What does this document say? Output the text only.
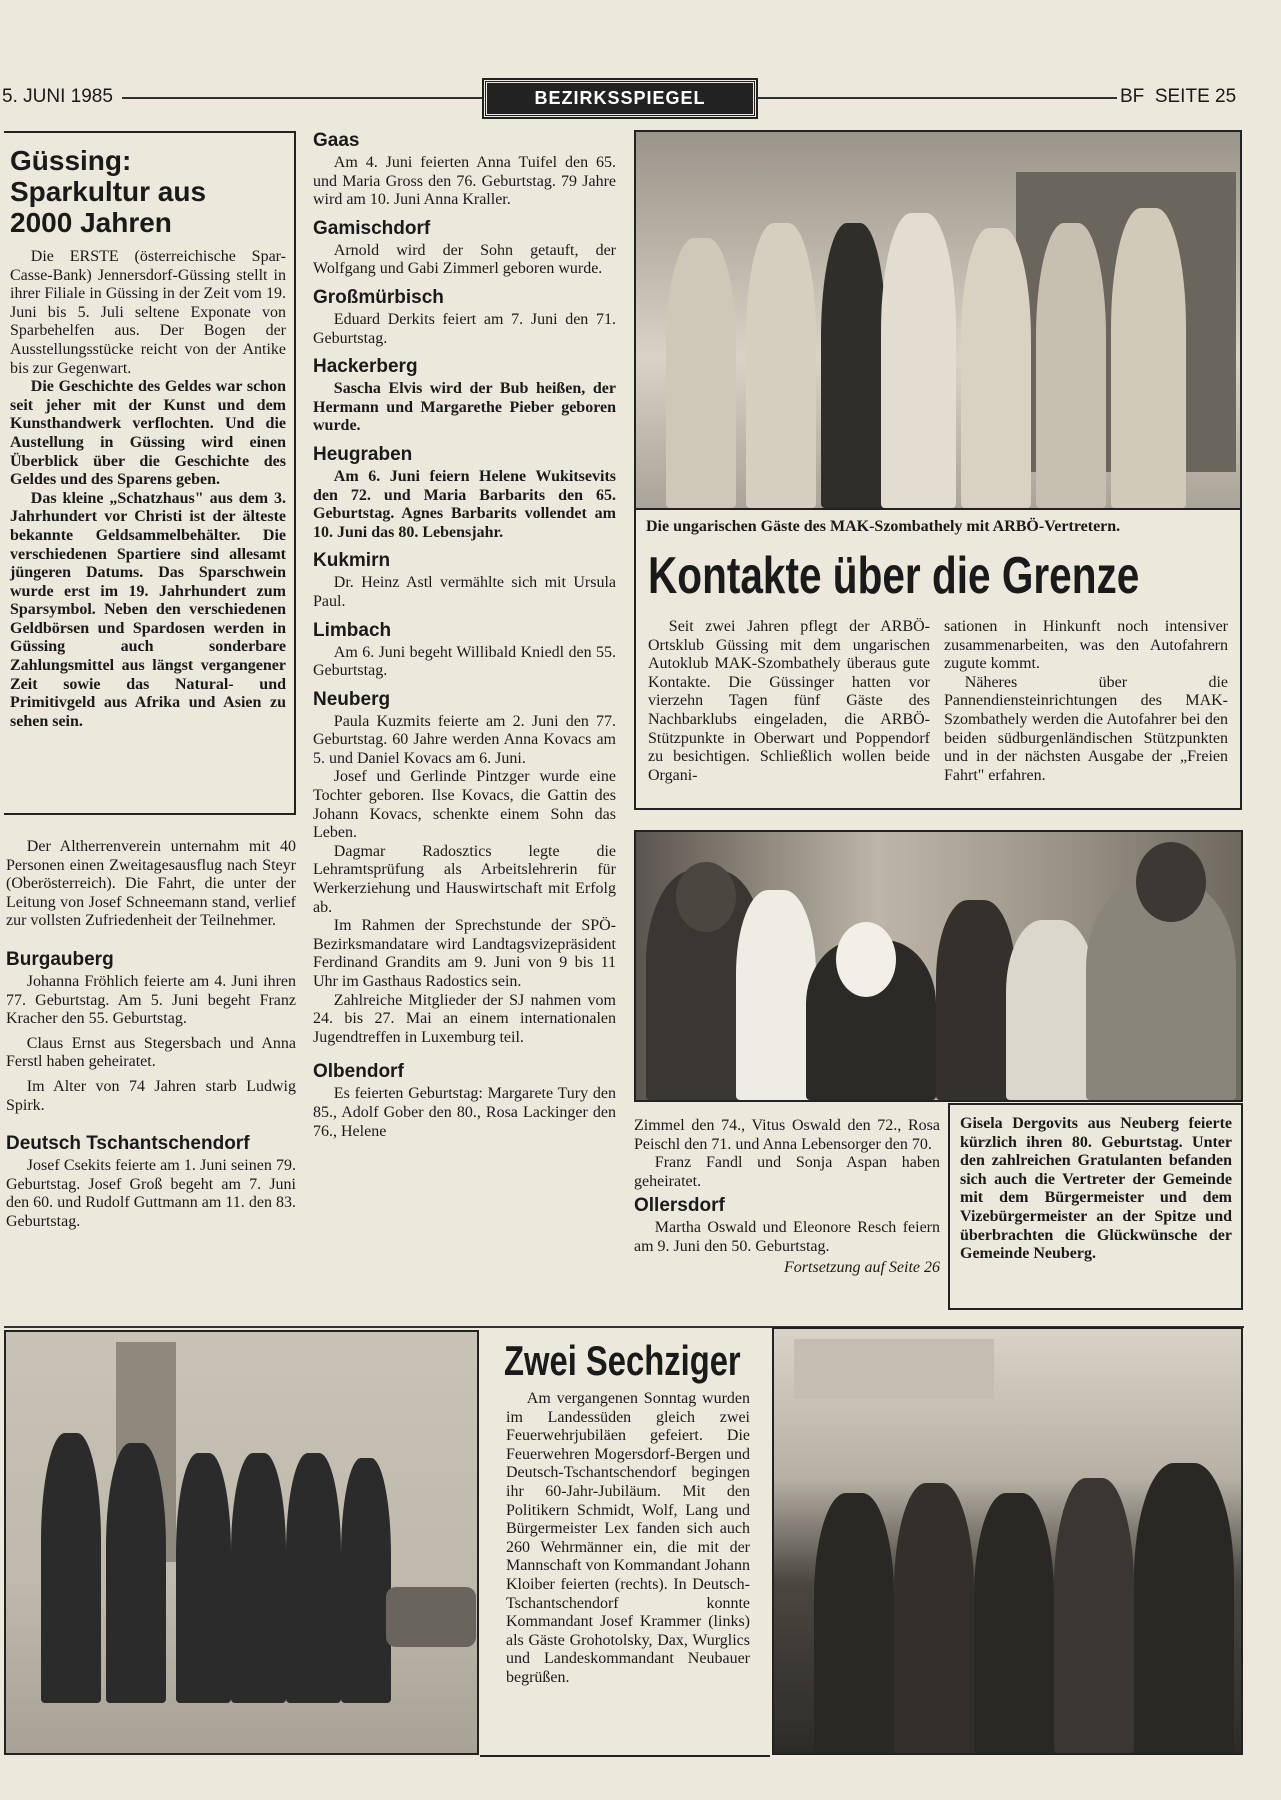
5. JUNI 1985	BEZIRKSSPIEGEL	BF  SEITE 25
Güssing:
Sparkultur aus
2000 Jahren

Die ERSTE (österreichische Spar-Casse-Bank) Jennersdorf-Güssing stellt in ihrer Filiale in Güssing in der Zeit vom 19. Juni bis 5. Juli seltene Exponate von Sparbehelfen aus. Der Bogen der Ausstellungsstücke reicht von der Antike bis zur Gegenwart.

Die Geschichte des Geldes war schon seit jeher mit der Kunst und dem Kunsthandwerk verflochten. Und die Austellung in Güssing wird einen Überblick über die Geschichte des Geldes und des Sparens geben.

Das kleine „Schatzhaus" aus dem 3. Jahrhundert vor Christi ist der älteste bekannte Geldsammelbehälter. Die verschiedenen Spartiere sind allesamt jüngeren Datums. Das Sparschwein wurde erst im 19. Jahrhundert zum Sparsymbol. Neben den verschiedenen Geldbörsen und Spardosen werden in Güssing auch sonderbare Zahlungsmittel aus längst vergangener Zeit sowie das Natural- und Primitivgeld aus Afrika und Asien zu sehen sein.

Der Altherrenverein unternahm mit 40 Personen einen Zweitagesausflug nach Steyr (Oberösterreich). Die Fahrt, die unter der Leitung von Josef Schneemann stand, verlief zur vollsten Zufriedenheit der Teilnehmer.

Burgauberg

Johanna Fröhlich feierte am 4. Juni ihren 77. Geburtstag. Am 5. Juni begeht Franz Kracher den 55. Geburtstag.

Claus Ernst aus Stegersbach und Anna Ferstl haben geheiratet.

Im Alter von 74 Jahren starb Ludwig Spirk.

Deutsch Tschantschendorf

Josef Csekits feierte am 1. Juni seinen 79. Geburtstag. Josef Groß begeht am 7. Juni den 60. und Rudolf Guttmann am 11. den 83. Geburtstag.

Gaas

Am 4. Juni feierten Anna Tuifel den 65. und Maria Gross den 76. Geburtstag. 79 Jahre wird am 10. Juni Anna Kraller.

Gamischdorf

Arnold wird der Sohn getauft, der Wolfgang und Gabi Zimmerl geboren wurde.

Großmürbisch

Eduard Derkits feiert am 7. Juni den 71. Geburtstag.

Hackerberg

Sascha Elvis wird der Bub heißen, der Hermann und Margarethe Pieber geboren wurde.

Heugraben

Am 6. Juni feiern Helene Wukitsevits den 72. und Maria Barbarits den 65. Geburtstag. Agnes Barbarits vollendet am 10. Juni das 80. Lebensjahr.

Kukmirn

Dr. Heinz Astl vermählte sich mit Ursula Paul.

Limbach

Am 6. Juni begeht Willibald Kniedl den 55. Geburtstag.

Neuberg

Paula Kuzmits feierte am 2. Juni den 77. Geburtstag. 60 Jahre werden Anna Kovacs am 5. und Daniel Kovacs am 6. Juni.

Josef und Gerlinde Pintzger wurde eine Tochter geboren. Ilse Kovacs, die Gattin des Johann Kovacs, schenkte einem Sohn das Leben.

Dagmar Radosztics legte die Lehramtsprüfung als Arbeitslehrerin für Werkerziehung und Hauswirtschaft mit Erfolg ab.

Im Rahmen der Sprechstunde der SPÖ-Bezirksmandatare wird Landtagsvizepräsident Ferdinand Grandits am 9. Juni von 9 bis 11 Uhr im Gasthaus Radostics sein.

Zahlreiche Mitglieder der SJ nahmen vom 24. bis 27. Mai an einem internationalen Jugendtreffen in Luxemburg teil.

Olbendorf

Es feierten Geburtstag: Margarete Tury den 85., Adolf Gober den 80., Rosa Lackinger den 76., Helene

Die ungarischen Gäste des MAK-Szombathely mit ARBÖ-Vertretern.
Kontakte über die Grenze

Seit zwei Jahren pflegt der ARBÖ-Ortsklub Güssing mit dem ungarischen Autoklub MAK-Szombathely überaus gute Kontakte. Die Güssinger hatten vor vierzehn Tagen fünf Gäste des Nachbarklubs eingeladen, die ARBÖ-Stützpunkte in Oberwart und Poppendorf zu besichtigen. Schließlich wollen beide Organi-

sationen in Hinkunft noch intensiver zusammenarbeiten, was den Autofahrern zugute kommt.

Näheres über die Pannendiensteinrichtungen des MAK-Szombathely werden die Autofahrer bei den beiden südburgenländischen Stützpunkten und in der nächsten Ausgabe der „Freien Fahrt" erfahren.

Zimmel den 74., Vitus Oswald den 72., Rosa Peischl den 71. und Anna Lebensorger den 70.

Franz Fandl und Sonja Aspan haben geheiratet.

Ollersdorf

Martha Oswald und Eleonore Resch feiern am 9. Juni den 50. Geburtstag.

Fortsetzung auf Seite 26

Gisela Dergovits aus Neuberg feierte kürzlich ihren 80. Geburtstag. Unter den zahlreichen Gratulanten befanden sich auch die Vertreter der Gemeinde mit dem Bürgermeister und dem Vizebürgermeister an der Spitze und überbrachten die Glückwünsche der Gemeinde Neuberg.

Zwei Sechziger

Am vergangenen Sonntag wurden im Landessüden gleich zwei Feuerwehrjubiläen gefeiert. Die Feuerwehren Mogersdorf-Bergen und Deutsch-Tschantschendorf begingen ihr 60-Jahr-Jubiläum. Mit den Politikern Schmidt, Wolf, Lang und Bürgermeister Lex fanden sich auch 260 Wehrmänner ein, die mit der Mannschaft von Kommandant Johann Kloiber feierten (rechts). In Deutsch-Tschantschendorf konnte Kommandant Josef Krammer (links) als Gäste Grohotolsky, Dax, Wurglics und Landeskommandant Neubauer begrüßen.
